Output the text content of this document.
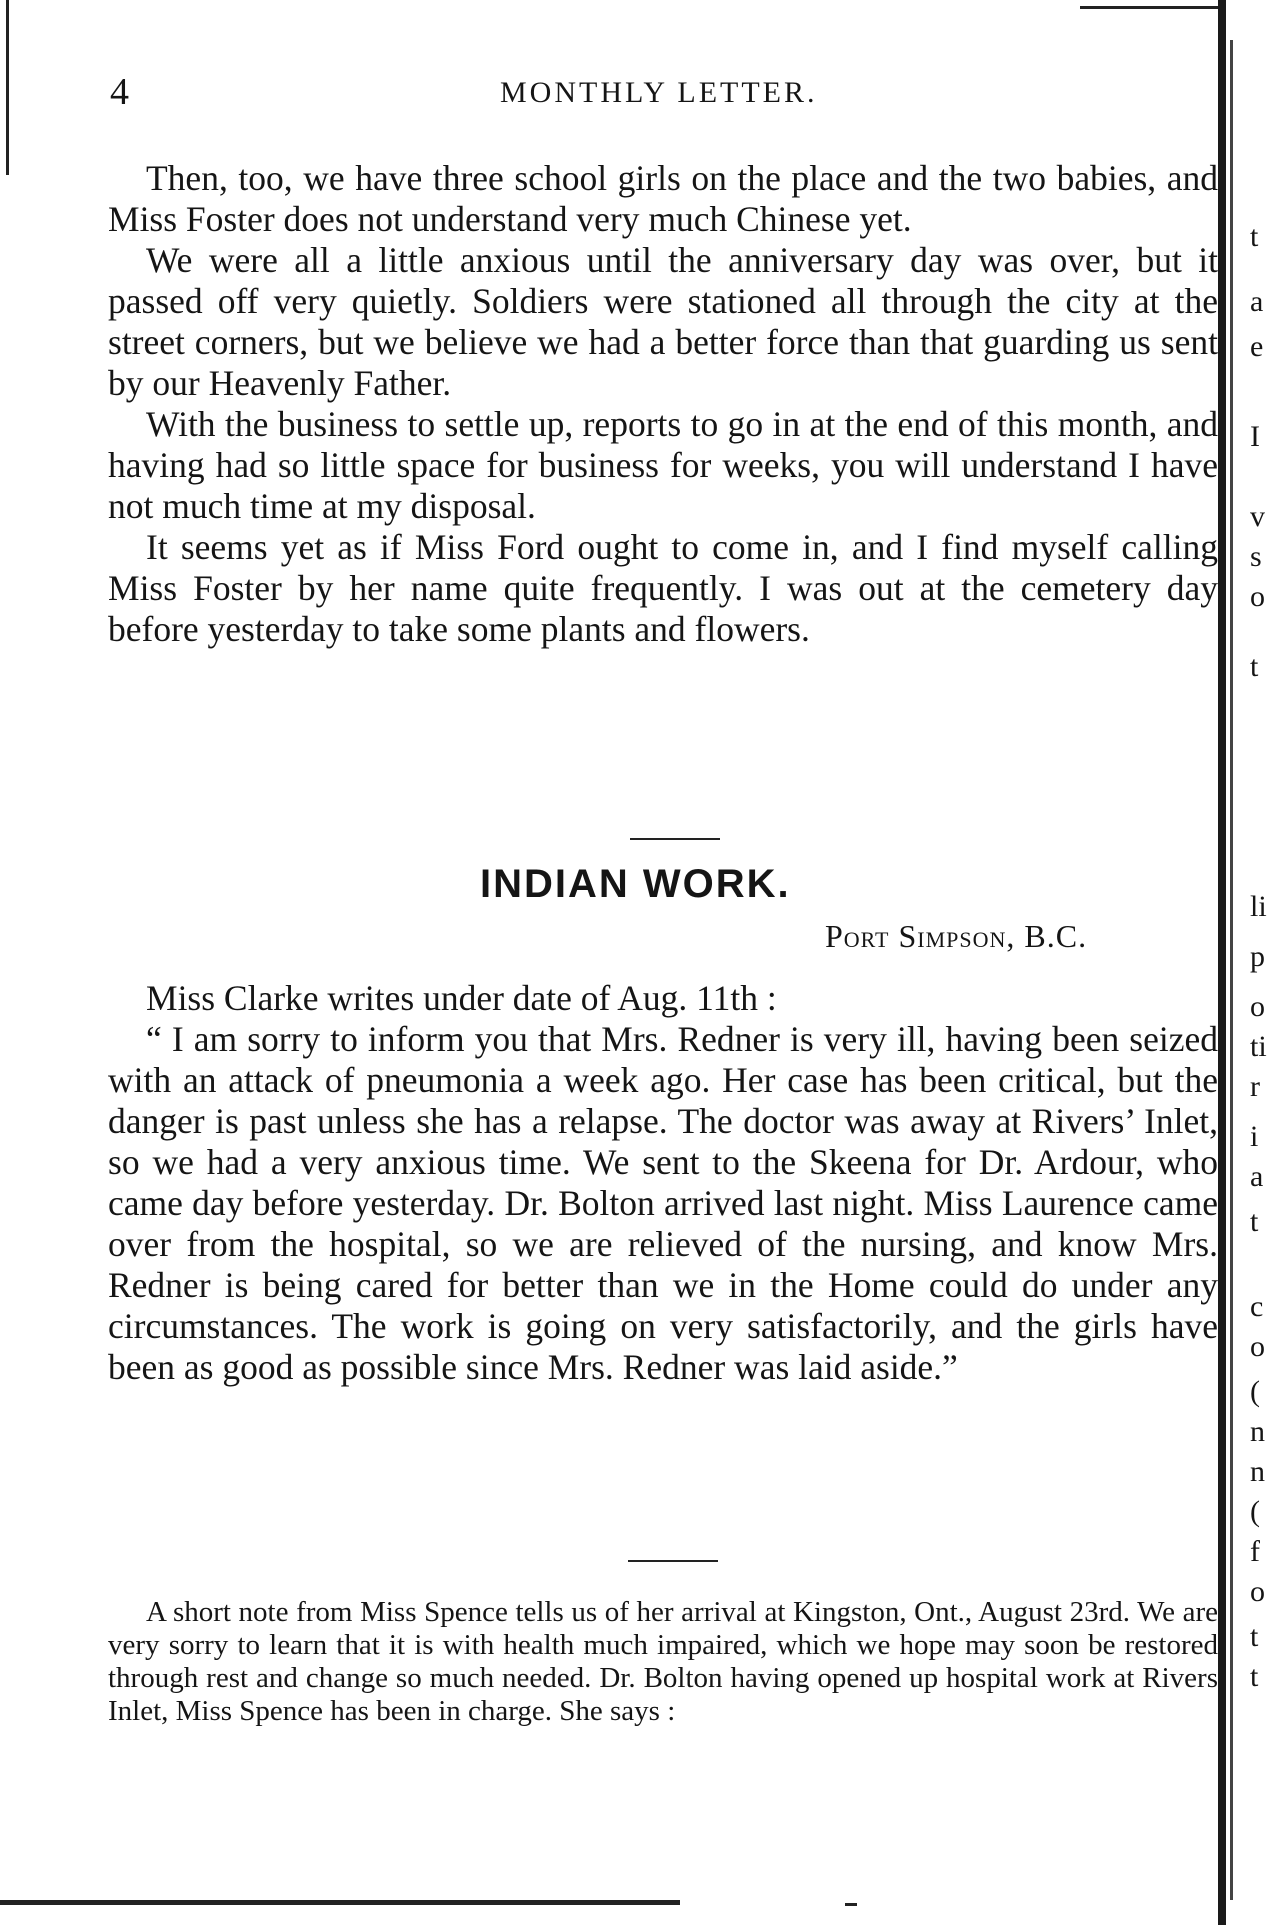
4	MONTHLY LETTER.

Then, too, we have three school girls on the place and the two babies, and Miss Foster does not understand very much Chinese yet.

We were all a little anxious until the anniversary day was over, but it passed off very quietly. Soldiers were stationed all through the city at the street corners, but we believe we had a better force than that guarding us sent by our Heavenly Father.

With the business to settle up, reports to go in at the end of this month, and having had so little space for business for weeks, you will understand I have not much time at my disposal.

It seems yet as if Miss Ford ought to come in, and I find myself calling Miss Foster by her name quite frequently. I was out at the cemetery day before yesterday to take some plants and flowers.

INDIAN WORK.
Port Simpson, B.C.

Miss Clarke writes under date of Aug. 11th :

“ I am sorry to inform you that Mrs. Redner is very ill, having been seized with an attack of pneumonia a week ago. Her case has been critical, but the danger is past unless she has a relapse. The doctor was away at Rivers’ Inlet, so we had a very anxious time. We sent to the Skeena for Dr. Ardour, who came day before yesterday. Dr. Bolton arrived last night. Miss Laurence came over from the hospital, so we are relieved of the nursing, and know Mrs. Redner is being cared for better than we in the Home could do under any circumstances. The work is going on very satisfactorily, and the girls have been as good as possible since Mrs. Redner was laid aside.”

A short note from Miss Spence tells us of her arrival at Kingston, Ont., August 23rd. We are very sorry to learn that it is with health much impaired, which we hope may soon be restored through rest and change so much needed. Dr. Bolton having opened up hospital work at Rivers Inlet, Miss Spence has been in charge. She says :

t
a
e
I
v
s
o
t
li
p
o
ti
r
i
a
t
c
o
(
n
n
(
f
o
t
t
